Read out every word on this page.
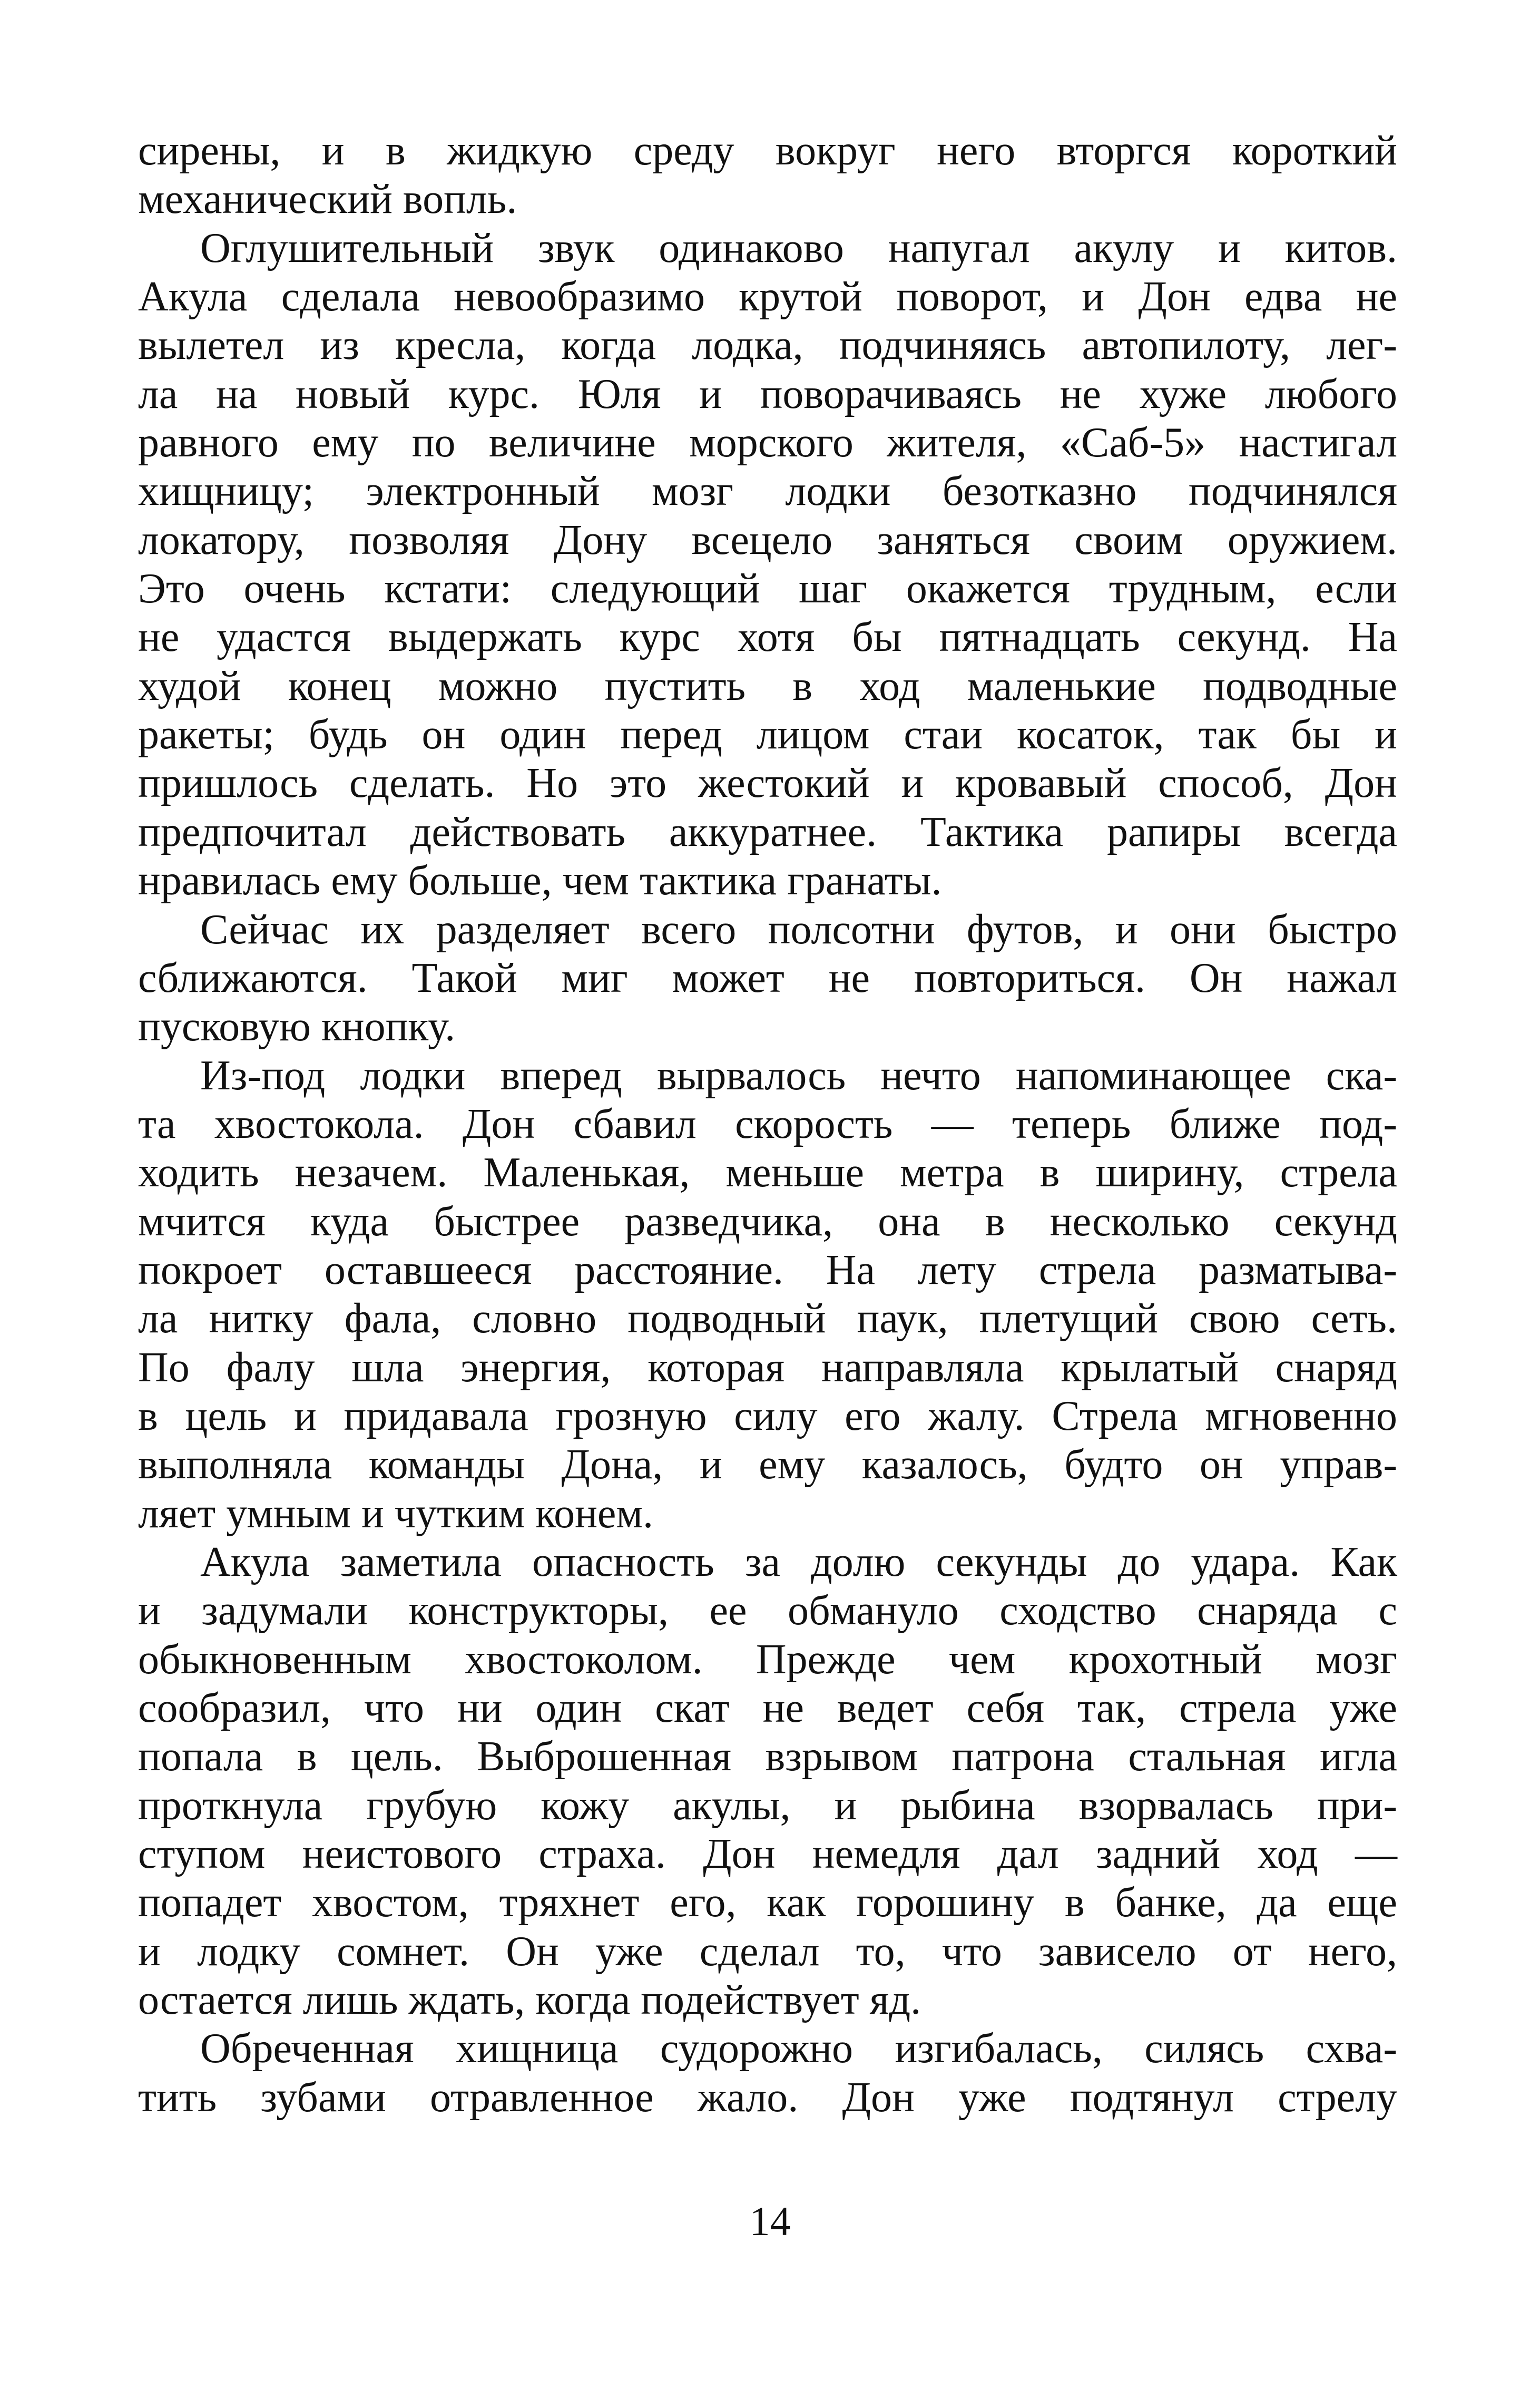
сирены, и в жидкую среду вокруг него вторгся короткий
механический вопль.
Оглушительный звук одинаково напугал акулу и китов.
Акула сделала невообразимо крутой поворот, и Дон едва не
вылетел из кресла, когда лодка, подчиняясь автопилоту, лег-
ла на новый курс. Юля и поворачиваясь не хуже любого
равного ему по величине морского жителя, «Саб-5» настигал
хищницу; электронный мозг лодки безотказно подчинялся
локатору, позволяя Дону всецело заняться своим оружием.
Это очень кстати: следующий шаг окажется трудным, если
не удастся выдержать курс хотя бы пятнадцать секунд. На
худой конец можно пустить в ход маленькие подводные
ракеты; будь он один перед лицом стаи косаток, так бы и
пришлось сделать. Но это жестокий и кровавый способ, Дон
предпочитал действовать аккуратнее. Тактика рапиры всегда
нравилась ему больше, чем тактика гранаты.
Сейчас их разделяет всего полсотни футов, и они быстро
сближаются. Такой миг может не повториться. Он нажал
пусковую кнопку.
Из-под лодки вперед вырвалось нечто напоминающее ска-
та хвостокола. Дон сбавил скорость — теперь ближе под-
ходить незачем. Маленькая, меньше метра в ширину, стрела
мчится куда быстрее разведчика, она в несколько секунд
покроет оставшееся расстояние. На лету стрела разматыва-
ла нитку фала, словно подводный паук, плетущий свою сеть.
По фалу шла энергия, которая направляла крылатый снаряд
в цель и придавала грозную силу его жалу. Стрела мгновенно
выполняла команды Дона, и ему казалось, будто он управ-
ляет умным и чутким конем.
Акула заметила опасность за долю секунды до удара. Как
и задумали конструкторы, ее обмануло сходство снаряда с
обыкновенным хвостоколом. Прежде чем крохотный мозг
сообразил, что ни один скат не ведет себя так, стрела уже
попала в цель. Выброшенная взрывом патрона стальная игла
проткнула грубую кожу акулы, и рыбина взорвалась при-
ступом неистового страха. Дон немедля дал задний ход —
попадет хвостом, тряхнет его, как горошину в банке, да еще
и лодку сомнет. Он уже сделал то, что зависело от него,
остается лишь ждать, когда подействует яд.
Обреченная хищница судорожно изгибалась, силясь схва-
тить зубами отравленное жало. Дон уже подтянул стрелу
14
